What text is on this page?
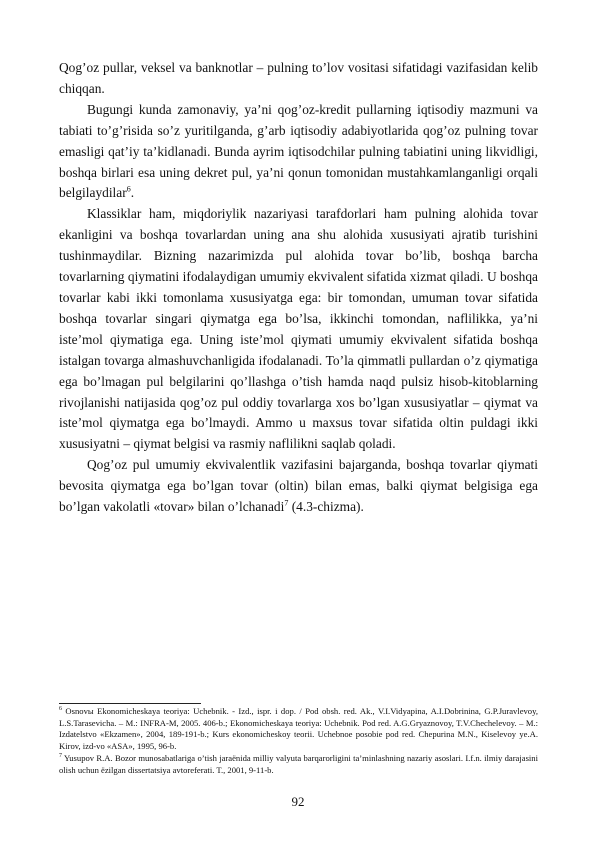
Qog’oz pullar, veksel va banknotlar – pulning to’lov vositasi sifatidagi vazifasidan kelib chiqqan.

Bugungi kunda zamonaviy, ya’ni qog’oz-kredit pullarning iqtisodiy mazmuni va tabiati to’g’risida so’z yuritilganda, g’arb iqtisodiy adabiyotlarida qog’oz pulning tovar emasligi qat’iy ta’kidlanadi. Bunda ayrim iqtisodchilar pulning tabiatini uning likvidligi, boshqa birlari esa uning dekret pul, ya’ni qonun tomonidan mustahkamlanganligi orqali belgilaydilar$^6$.

Klassiklar ham, miqdoriylik nazariyasi tarafdorlari ham pulning alohida tovar ekanligini va boshqa tovarlardan uning ana shu alohida xususiyati ajratib turishini tushinmaydilar. Bizning nazarimizda pul alohida tovar bo’lib, boshqa barcha tovarlarning qiymatini ifodalaydigan umumiy ekvivalent sifatida xizmat qiladi. U boshqa tovarlar kabi ikki tomonlama xususiyatga ega: bir tomondan, umuman tovar sifatida boshqa tovarlar singari qiymatga ega bo’lsa, ikkinchi tomondan, naflilikka, ya’ni iste’mol qiymatiga ega. Uning iste’mol qiymati umumiy ekvivalent sifatida boshqa istalgan tovarga almashuvchanligida ifodalanadi. To’la qimmatli pullardan o’z qiymatiga ega bo’lmagan pul belgilarini qo’llashga o’tish hamda naqd pulsiz hisob-kitoblarning rivojlanishi natijasida qog’oz pul oddiy tovarlarga xos bo’lgan xususiyatlar – qiymat va iste’mol qiymatga ega bo’lmaydi. Ammo u maxsus tovar sifatida oltin puldagi ikki xususiyatni – qiymat belgisi va rasmiy naflilikni saqlab qoladi.

Qog’oz pul umumiy ekvivalentlik vazifasini bajarganda, boshqa tovarlar qiymati bevosita qiymatga ega bo’lgan tovar (oltin) bilan emas, balki qiymat belgisiga ega bo’lgan vakolatli «tovar» bilan o’lchanadi$^7$ (4.3-chizma).

$^6$ Osnovы Ekonomicheskaya teoriya: Uchebnik. - Izd., ispr. i dop. / Pod obsh. red. Ak., V.I.Vidyapina, A.I.Dobrinina, G.P.Juravlevoy, L.S.Tarasevicha. – M.: INFRA-M, 2005. 406-b.; Ekonomicheskaya teoriya: Uchebnik. Pod red. A.G.Gryaznovoy, T.V.Chechelevoy. – M.: Izdatelstvo «Ekzamen», 2004, 189-191-b.; Kurs ekonomicheskoy teorii. Uchebnoe posobie pod red. Chepurina M.N., Kiselevoy ye.A. Kirov, izd-vo «ASA», 1995, 96-b.

$^7$ Yusupov R.A. Bozor munosabatlariga o’tish jaraёnida milliy valyuta barqarorligini ta’minlashning nazariy asoslari. I.f.n. ilmiy darajasini olish uchun ёzilgan dissertatsiya avtoreferati. T., 2001, 9-11-b.

92
